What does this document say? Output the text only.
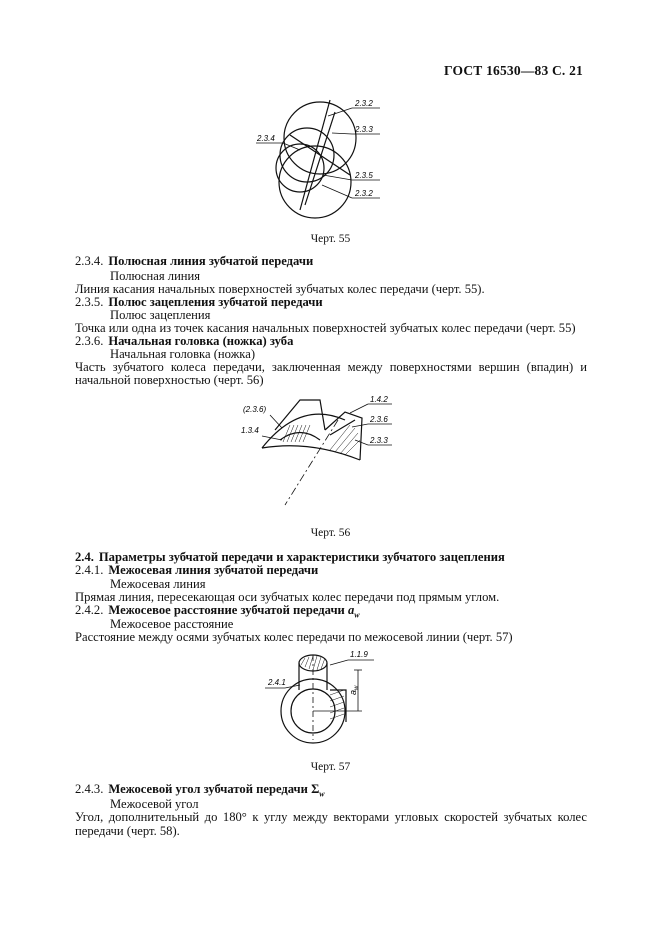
ГОСТ 16530—83 С. 21
2.3.2
2.3.3
2.3.4
2.3.5
2.3.2
Черт. 55
2.3.4. Полюсная линия зубчатой передачи
Полюсная линия
Линия касания начальных поверхностей зубчатых колес передачи (черт. 55).
2.3.5. Полюс зацепления зубчатой передачи
Полюс зацепления
Точка или одна из точек касания начальных поверхностей зубчатых колес передачи (черт. 55)
2.3.6. Начальная головка (ножка) зуба
Начальная головка (ножка)
Часть зубчатого колеса передачи, заключенная между поверхностями вершин (впадин) и
начальной поверхностью (черт. 56)
(2.3.6)
1.3.4
1.4.2
2.3.6
2.3.3
Черт. 56
2.4. Параметры зубчатой передачи и характеристики зубчатого зацепления
2.4.1. Межосевая линия зубчатой передачи
Межосевая линия
Прямая линия, пересекающая оси зубчатых колес передачи под прямым углом.
2.4.2. Межосевое расстояние зубчатой передачи $a_w$
Межосевое расстояние
Расстояние между осями зубчатых колес передачи по межосевой линии (черт. 57)
1.1.9
2.4.1
$a_w$
Черт. 57
2.4.3. Межосевой угол зубчатой передачи $\Sigma_w$
Межосевой угол
Угол, дополнительный до 180° к углу между векторами угловых скоростей зубчатых колес
передачи (черт. 58).
